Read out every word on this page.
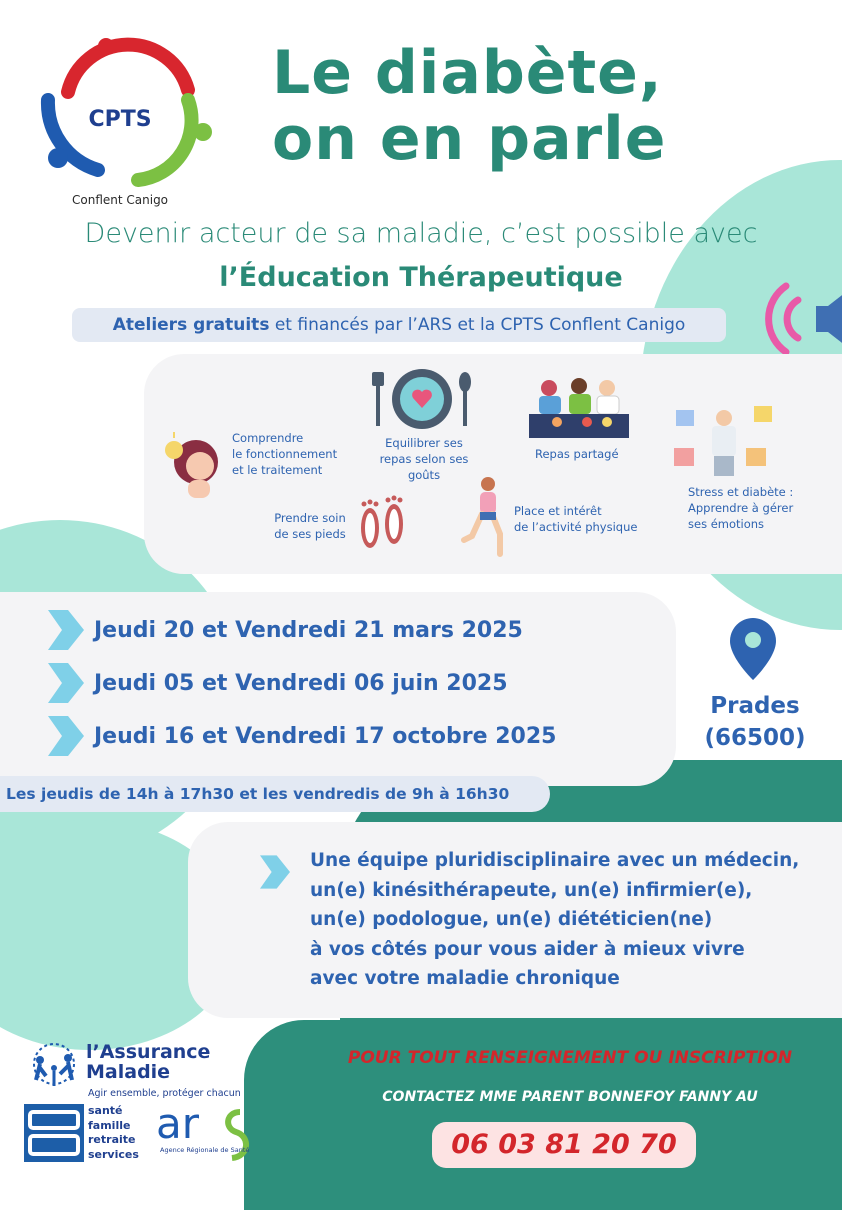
CPTS
Conflent Canigo
Le diabète,
on en parle
Devenir acteur de sa maladie, c’est possible avec
l’Éducation Thérapeutique
Ateliers gratuits et financés par l’ARS et la CPTS Conflent Canigo
Comprendre
le fonctionnement
et le traitement
Equilibrer ses
repas selon ses
goûts
Repas partagé
Stress et diabète :
Apprendre à gérer
ses émotions
Prendre soin
de ses pieds
Place et intérêt
de l’activité physique
Jeudi 20 et Vendredi 21 mars 2025
Jeudi 05 et Vendredi 06 juin 2025
Jeudi 16 et Vendredi 17 octobre 2025
Prades
(66500)
Les jeudis de 14h à 17h30 et les vendredis de 9h à 16h30
Une équipe pluridisciplinaire avec un médecin,
un(e) kinésithérapeute, un(e) infirmier(e),
un(e) podologue, un(e) diététicien(ne)
à vos côtés pour vous aider à mieux vivre
avec votre maladie chronique
POUR TOUT RENSEIGNEMENT OU INSCRIPTION
CONTACTEZ MME PARENT BONNEFOY FANNY AU
06 03 81 20 70
l’Assurance
Maladie
Agir ensemble, protéger chacun
santé
famille
retraite
services
ar
Agence Régionale de Santé
